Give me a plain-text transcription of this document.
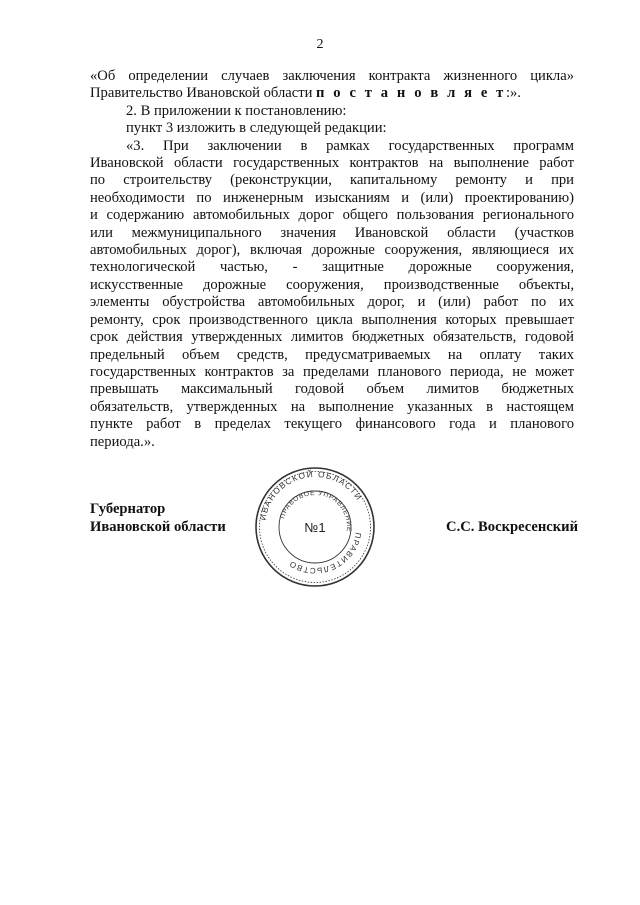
2

«Об определении случаев заключения контракта жизненного цикла»

Правительство Ивановской области п о с т а н о в л я е т:».

2. В приложении к постановлению:

пункт 3 изложить в следующей редакции:

«3. При заключении в рамках государственных программ

Ивановской области государственных контрактов на выполнение работ

по строительству (реконструкции, капитальному ремонту и при

необходимости по инженерным изысканиям и (или) проектированию)

и содержанию автомобильных дорог общего пользования регионального

или межмуниципального значения Ивановской области (участков

автомобильных дорог), включая дорожные сооружения, являющиеся их

технологической частью, - защитные дорожные сооружения,

искусственные дорожные сооружения, производственные объекты,

элементы обустройства автомобильных дорог, и (или) работ по их

ремонту, срок производственного цикла выполнения которых превышает

срок действия утвержденных лимитов бюджетных обязательств, годовой

предельный объем средств, предусматриваемых на оплату таких

государственных контрактов за пределами планового периода, не может

превышать максимальный годовой объем лимитов бюджетных

обязательств, утвержденных на выполнение указанных в настоящем

пункте работ в пределах текущего финансового года и планового

периода.».

Губернатор
Ивановской области	С.С. Воскресенский
ИВАНОВСКОЙ ОБЛАСТИ
ПРАВИТЕЛЬСТВО
ПРАВОВОЕ УПРАВЛЕНИЕ
№1
